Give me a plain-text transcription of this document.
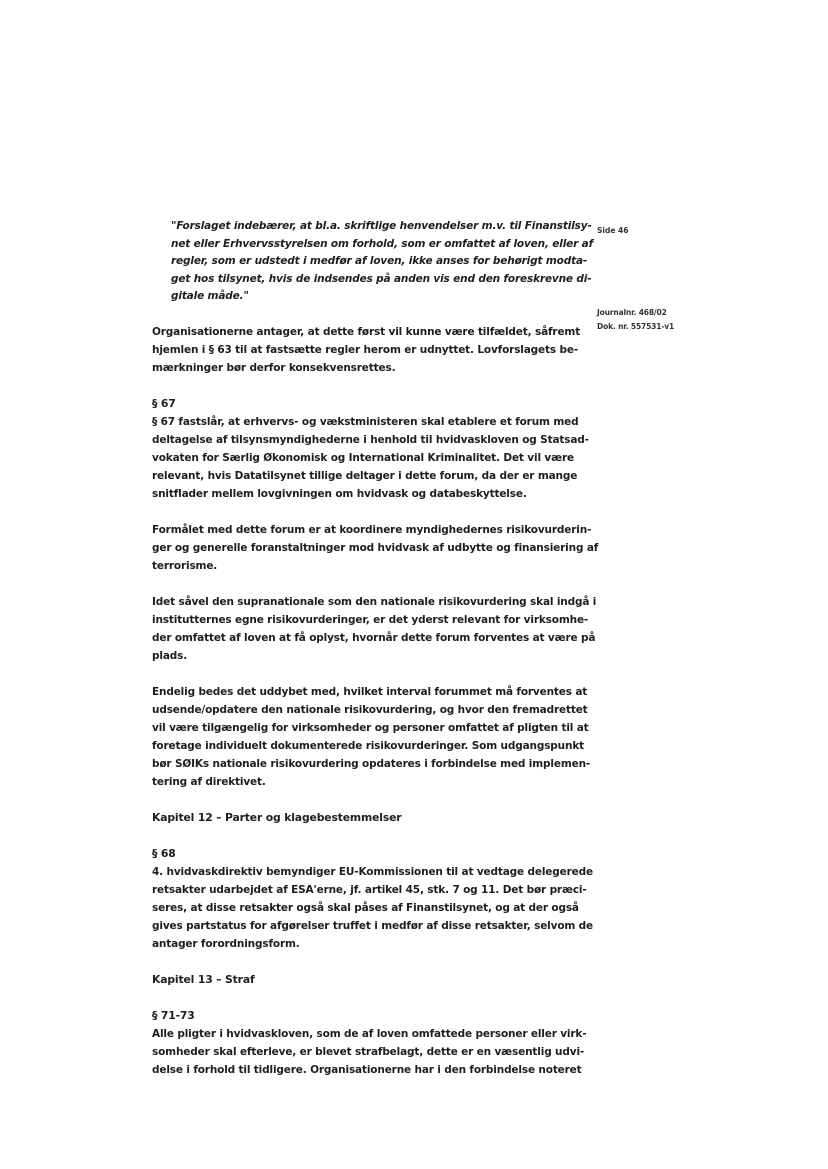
Side 46
Journalnr. 468/02
Dok. nr. 557531-v1
"Forslaget indebærer, at bl.a. skriftlige henvendelser m.v. til Finanstilsy-
net eller Erhvervsstyrelsen om forhold, som er omfattet af loven, eller af
regler, som er udstedt i medfør af loven, ikke anses for behørigt modta-
get hos tilsynet, hvis de indsendes på anden vis end den foreskrevne di-
gitale måde."
Organisationerne antager, at dette først vil kunne være tilfældet, såfremt
hjemlen i § 63 til at fastsætte regler herom er udnyttet. Lovforslagets be-
mærkninger bør derfor konsekvensrettes.
§ 67
§ 67 fastslår, at erhvervs- og vækstministeren skal etablere et forum med
deltagelse af tilsynsmyndighederne i henhold til hvidvaskloven og Statsad-
vokaten for Særlig Økonomisk og International Kriminalitet. Det vil være
relevant, hvis Datatilsynet tillige deltager i dette forum, da der er mange
snitflader mellem lovgivningen om hvidvask og databeskyttelse.
Formålet med dette forum er at koordinere myndighedernes risikovurderin-
ger og generelle foranstaltninger mod hvidvask af udbytte og finansiering af
terrorisme.
Idet såvel den supranationale som den nationale risikovurdering skal indgå i
institutternes egne risikovurderinger, er det yderst relevant for virksomhe-
der omfattet af loven at få oplyst, hvornår dette forum forventes at være på
plads.
Endelig bedes det uddybet med, hvilket interval forummet må forventes at
udsende/opdatere den nationale risikovurdering, og hvor den fremadrettet
vil være tilgængelig for virksomheder og personer omfattet af pligten til at
foretage individuelt dokumenterede risikovurderinger. Som udgangspunkt
bør SØIKs nationale risikovurdering opdateres i forbindelse med implemen-
tering af direktivet.
Kapitel 12 – Parter og klagebestemmelser
§ 68
4. hvidvaskdirektiv bemyndiger EU-Kommissionen til at vedtage delegerede
retsakter udarbejdet af ESA'erne, jf. artikel 45, stk. 7 og 11. Det bør præci-
seres, at disse retsakter også skal påses af Finanstilsynet, og at der også
gives partstatus for afgørelser truffet i medfør af disse retsakter, selvom de
antager forordningsform.
Kapitel 13 – Straf
§ 71-73
Alle pligter i hvidvaskloven, som de af loven omfattede personer eller virk-
somheder skal efterleve, er blevet strafbelagt, dette er en væsentlig udvi-
delse i forhold til tidligere. Organisationerne har i den forbindelse noteret
